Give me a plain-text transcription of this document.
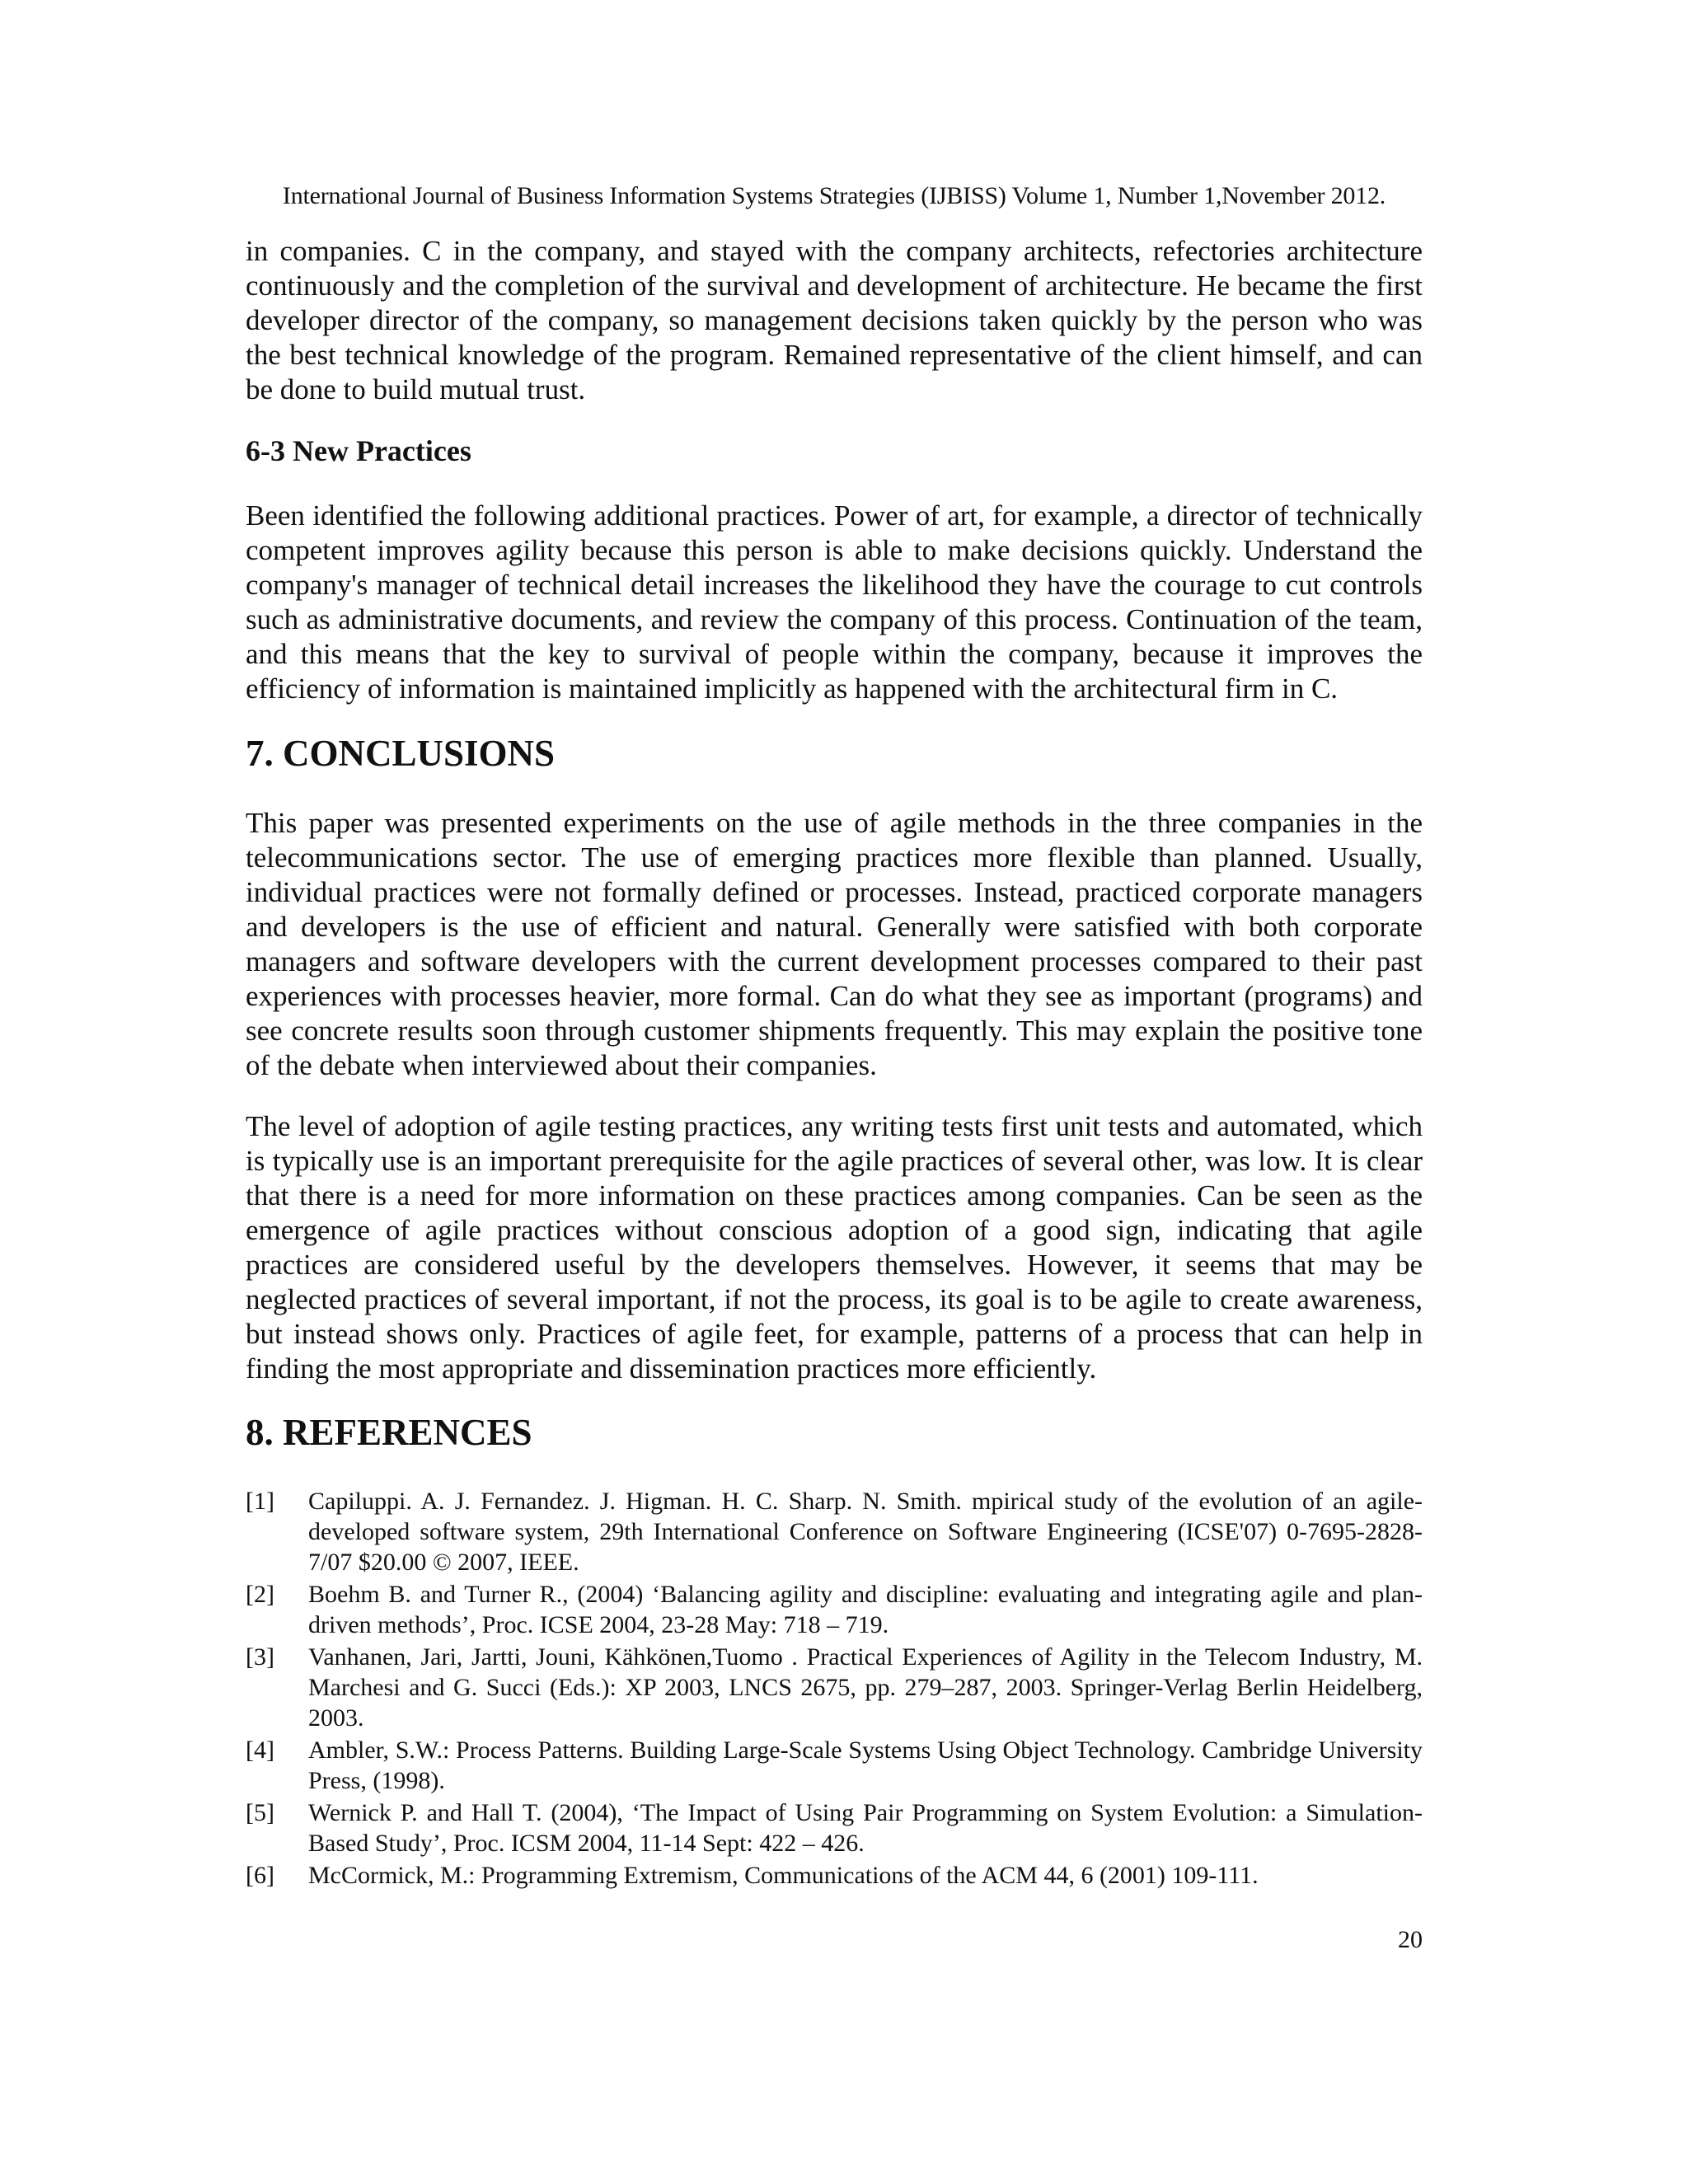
International Journal of Business Information Systems Strategies (IJBISS) Volume 1, Number 1,November 2012.

in companies. C in the company, and stayed with the company architects, refectories architecture continuously and the completion of the survival and development of architecture. He became the first developer director of the company, so management decisions taken quickly by the person who was the best technical knowledge of the program. Remained representative of the client himself, and can be done to build mutual trust.

6-3 New Practices

Been identified the following additional practices. Power of art, for example, a director of technically competent improves agility because this person is able to make decisions quickly. Understand the company's manager of technical detail increases the likelihood they have the courage to cut controls such as administrative documents, and review the company of this process. Continuation of the team, and this means that the key to survival of people within the company, because it improves the efficiency of information is maintained implicitly as happened with the architectural firm in C.

7. CONCLUSIONS

This paper was presented experiments on the use of agile methods in the three companies in the telecommunications sector. The use of emerging practices more flexible than planned. Usually, individual practices were not formally defined or processes. Instead, practiced corporate managers and developers is the use of efficient and natural. Generally were satisfied with both corporate managers and software developers with the current development processes compared to their past experiences with processes heavier, more formal. Can do what they see as important (programs) and see concrete results soon through customer shipments frequently. This may explain the positive tone of the debate when interviewed about their companies.

The level of adoption of agile testing practices, any writing tests first unit tests and automated, which is typically use is an important prerequisite for the agile practices of several other, was low. It is clear that there is a need for more information on these practices among companies. Can be seen as the emergence of agile practices without conscious adoption of a good sign, indicating that agile practices are considered useful by the developers themselves. However, it seems that may be neglected practices of several important, if not the process, its goal is to be agile to create awareness, but instead shows only. Practices of agile feet, for example, patterns of a process that can help in finding the most appropriate and dissemination practices more efficiently.

8. REFERENCES
[1]	Capiluppi. A. J. Fernandez. J. Higman. H. C. Sharp. N. Smith. mpirical study of the evolution of an agile-developed software system, 29th International Conference on Software Engineering (ICSE'07) 0-7695-2828-7/07 $20.00 © 2007, IEEE.
[2]	Boehm B. and Turner R., (2004) ‘Balancing agility and discipline: evaluating and integrating agile and plan-driven methods’, Proc. ICSE 2004, 23-28 May: 718 – 719.
[3]	Vanhanen, Jari, Jartti, Jouni, Kähkönen,Tuomo . Practical Experiences of Agility in the Telecom Industry, M. Marchesi and G. Succi (Eds.): XP 2003, LNCS 2675, pp. 279–287, 2003. Springer-Verlag Berlin Heidelberg, 2003.
[4]	Ambler, S.W.: Process Patterns. Building Large-Scale Systems Using Object Technology. Cambridge University Press, (1998).
[5]	Wernick P. and Hall T. (2004), ‘The Impact of Using Pair Programming on System Evolution: a Simulation-Based Study’, Proc. ICSM 2004, 11-14 Sept: 422 – 426.
[6]	McCormick, M.: Programming Extremism, Communications of the ACM 44, 6 (2001) 109-111.
20
